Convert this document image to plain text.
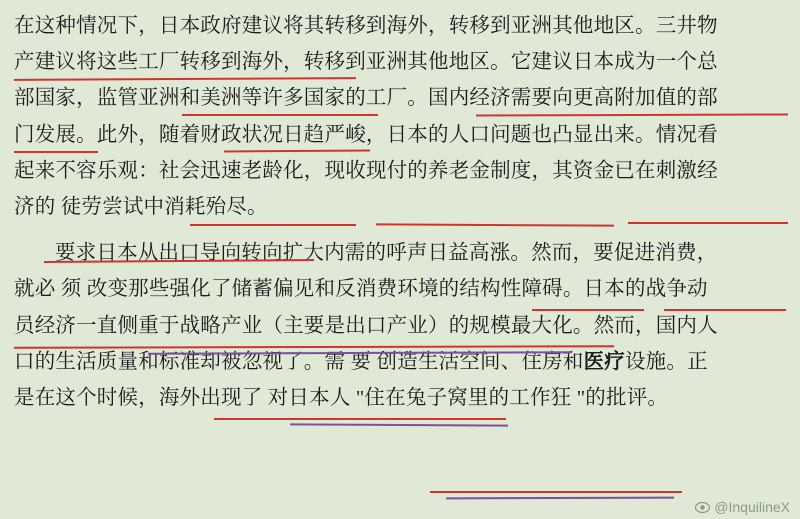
在这种情况下，日本政府建议将其转移到海外，转移到亚洲其他地区。三井物

产建议将这些工厂转移到海外，转移到亚洲其他地区。它建议日本成为一个总

部国家，监管亚洲和美洲等许多国家的工厂。国内经济需要向更高附加值的部

门发展。此外，随着财政状况日趋严峻，日本的人口问题也凸显出来。情况看

起来不容乐观：社会迅速老龄化，现收现付的养老金制度，其资金已在刺激经

济的 徒劳尝试中消耗殆尽。

要求日本从出口导向转向扩大内需的呼声日益高涨。然而，要促进消费，

就必 须 改变那些强化了储蓄偏见和反消费环境的结构性障碍。日本的战争动

员经济一直侧重于战略产业（主要是出口产业）的规模最大化。然而，国内人

口的生活质量和标准却被忽视了。需 要 创造生活空间、住房和医疗设施。正

是在这个时候，海外出现了 对日本人 "住在兔子窝里的工作狂 "的批评。

@InquilineX
